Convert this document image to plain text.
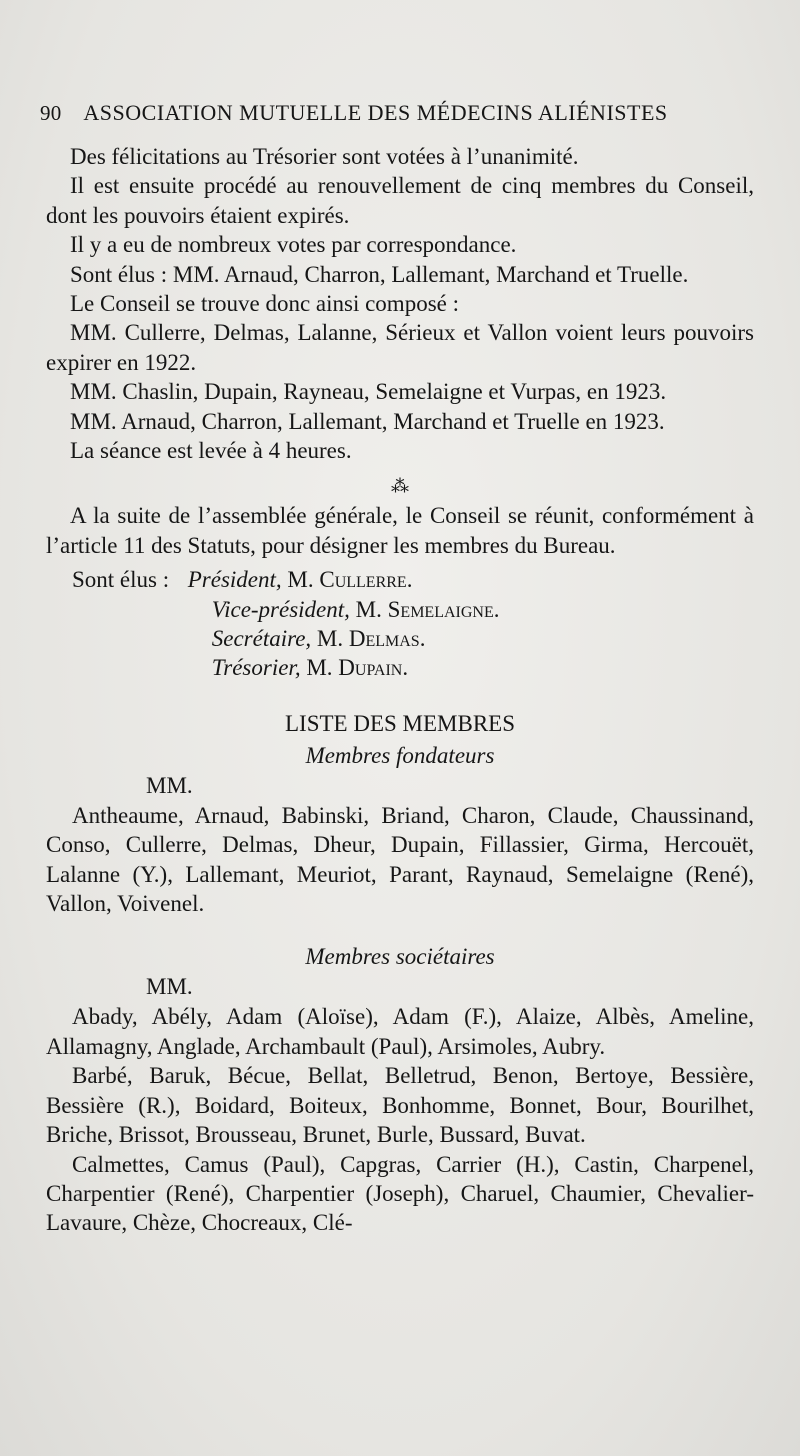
90 ASSOCIATION MUTUELLE DES MÉDECINS ALIÉNISTES

Des félicitations au Trésorier sont votées à l’unanimité.

Il est ensuite procédé au renouvellement de cinq membres du Conseil, dont les pouvoirs étaient expirés.

Il y a eu de nombreux votes par correspondance.

Sont élus : MM. Arnaud, Charron, Lallemant, Marchand et Truelle.

Le Conseil se trouve donc ainsi composé :

MM. Cullerre, Delmas, Lalanne, Sérieux et Vallon voient leurs pouvoirs expirer en 1922.

MM. Chaslin, Dupain, Rayneau, Semelaigne et Vurpas, en 1923.

MM. Arnaud, Charron, Lallemant, Marchand et Truelle en 1923.

La séance est levée à 4 heures.

⁂

A la suite de l’assemblée générale, le Conseil se réunit, conformément à l’article 11 des Statuts, pour désigner les membres du Bureau.

Sont élus : Président, M. Cullerre.
Vice-président, M. Semelaigne.
Secrétaire, M. Delmas.
Trésorier, M. Dupain.
LISTE DES MEMBRES
Membres fondateurs
MM.

Antheaume, Arnaud, Babinski, Briand, Charon, Claude, Chaussinand, Conso, Cullerre, Delmas, Dheur, Dupain, Fillassier, Girma, Hercouët, Lalanne (Y.), Lallemant, Meuriot, Parant, Raynaud, Semelaigne (René), Vallon, Voivenel.

Membres sociétaires
MM.

Abady, Abély, Adam (Aloïse), Adam (F.), Alaize, Albès, Ameline, Allamagny, Anglade, Archambault (Paul), Arsimoles, Aubry.

Barbé, Baruk, Bécue, Bellat, Belletrud, Benon, Bertoye, Bessière, Bessière (R.), Boidard, Boiteux, Bonhomme, Bonnet, Bour, Bourilhet, Briche, Brissot, Brousseau, Brunet, Burle, Bussard, Buvat.

Calmettes, Camus (Paul), Capgras, Carrier (H.), Castin, Charpenel, Charpentier (René), Charpentier (Joseph), Charuel, Chaumier, Chevalier-Lavaure, Chèze, Chocreaux, Clé-
